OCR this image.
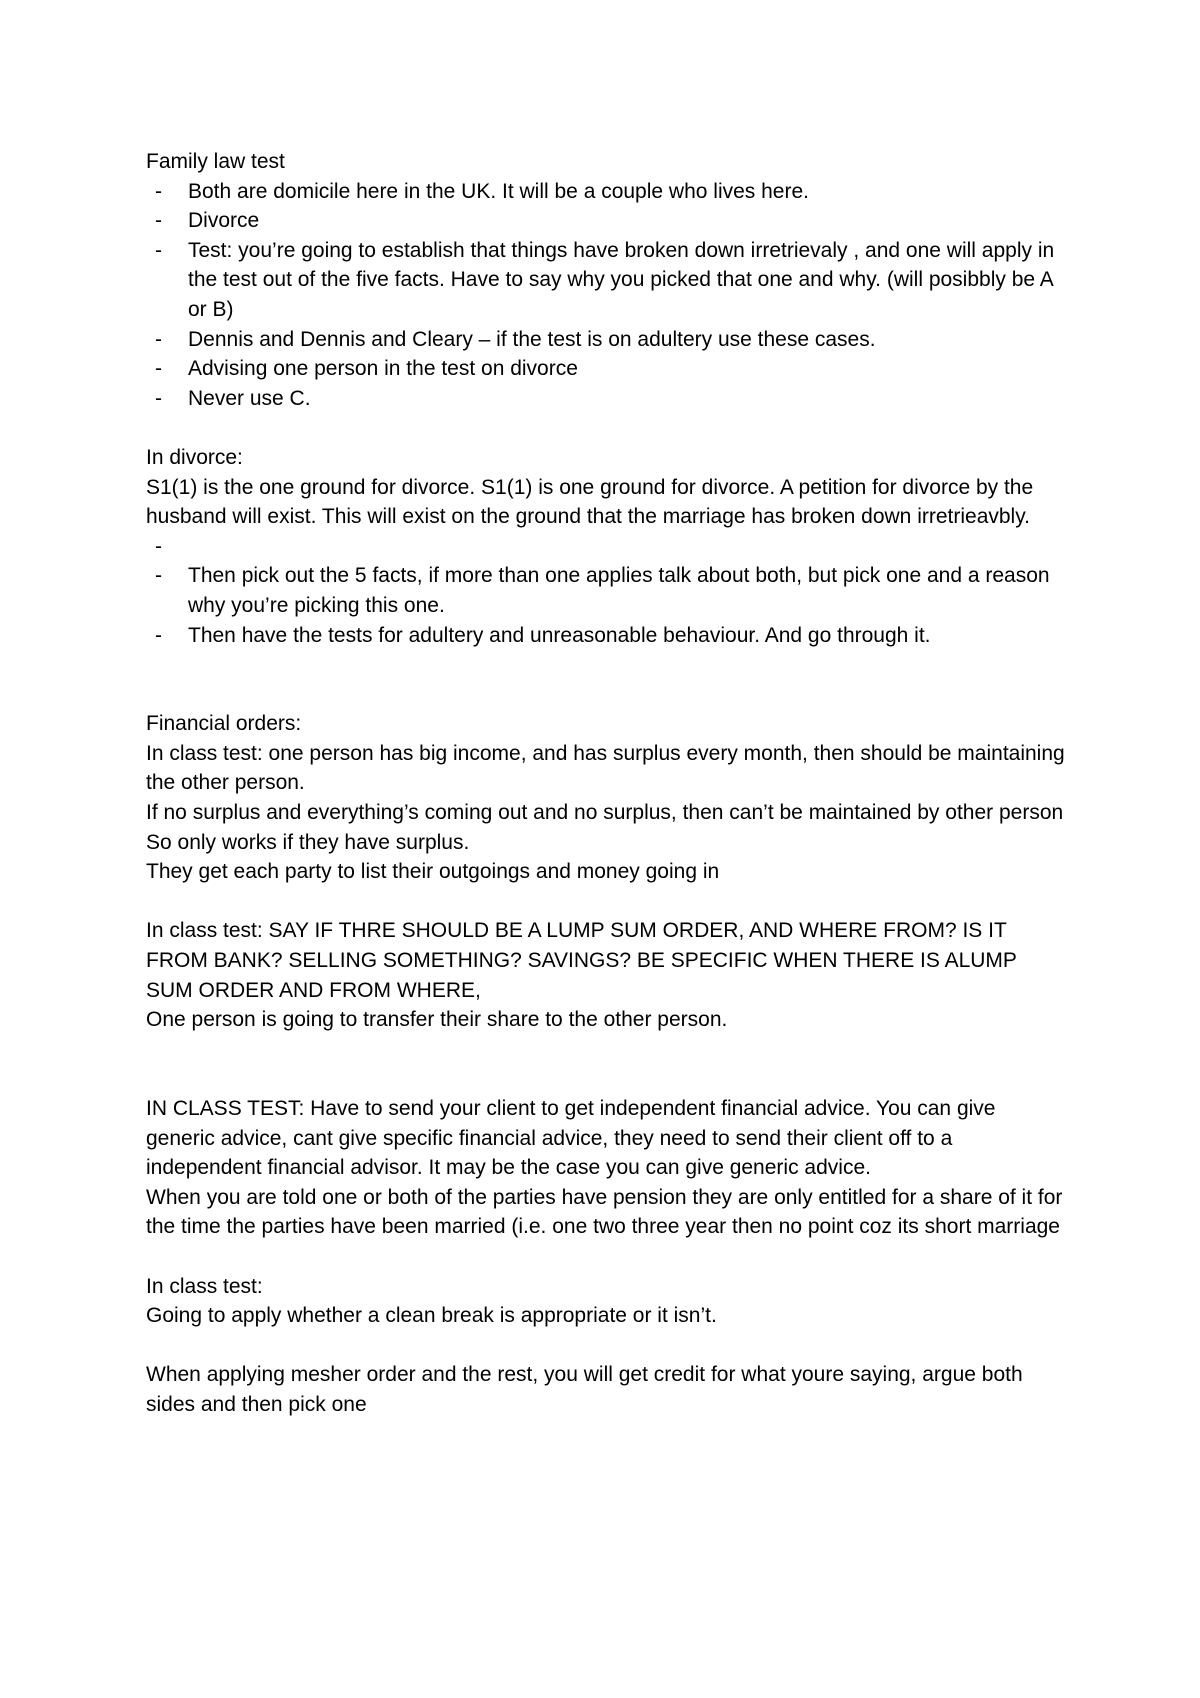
Family law test

- Both are domicile here in the UK. It will be a couple who lives here.
- Divorce
- Test: you’re going to establish that things have broken down irretrievaly , and one will apply in the test out of the five facts. Have to say why you picked that one and why. (will posibbly be A or B)
- Dennis and Dennis and Cleary – if the test is on adultery use these cases.
- Advising one person in the test on divorce
- Never use C.

In divorce:

S1(1) is the one ground for divorce. S1(1) is one ground for divorce. A petition for divorce by the husband will exist. This will exist on the ground that the marriage has broken down irretrieavbly.

-
- Then pick out the 5 facts, if more than one applies talk about both, but pick one and a reason why you’re picking this one.
- Then have the tests for adultery and unreasonable behaviour. And go through it.

Financial orders:

In class test: one person has big income, and has surplus every month, then should be maintaining the other person.

If no surplus and everything’s coming out and no surplus, then can’t be maintained by other person

So only works if they have surplus.

They get each party to list their outgoings and money going in

In class test: SAY IF THRE SHOULD BE A LUMP SUM ORDER, AND WHERE FROM? IS IT FROM BANK? SELLING SOMETHING? SAVINGS? BE SPECIFIC WHEN THERE IS ALUMP SUM ORDER AND FROM WHERE,

One person is going to transfer their share to the other person.

IN CLASS TEST: Have to send your client to get independent financial advice. You can give generic advice, cant give specific financial advice, they need to send their client off to a independent financial advisor. It may be the case you can give generic advice.

When you are told one or both of the parties have pension they are only entitled for a share of it for the time the parties have been married (i.e. one two three year then no point coz its short marriage

In class test:

Going to apply whether a clean break is appropriate or it isn’t.

When applying mesher order and the rest, you will get credit for what youre saying, argue both sides and then pick one
